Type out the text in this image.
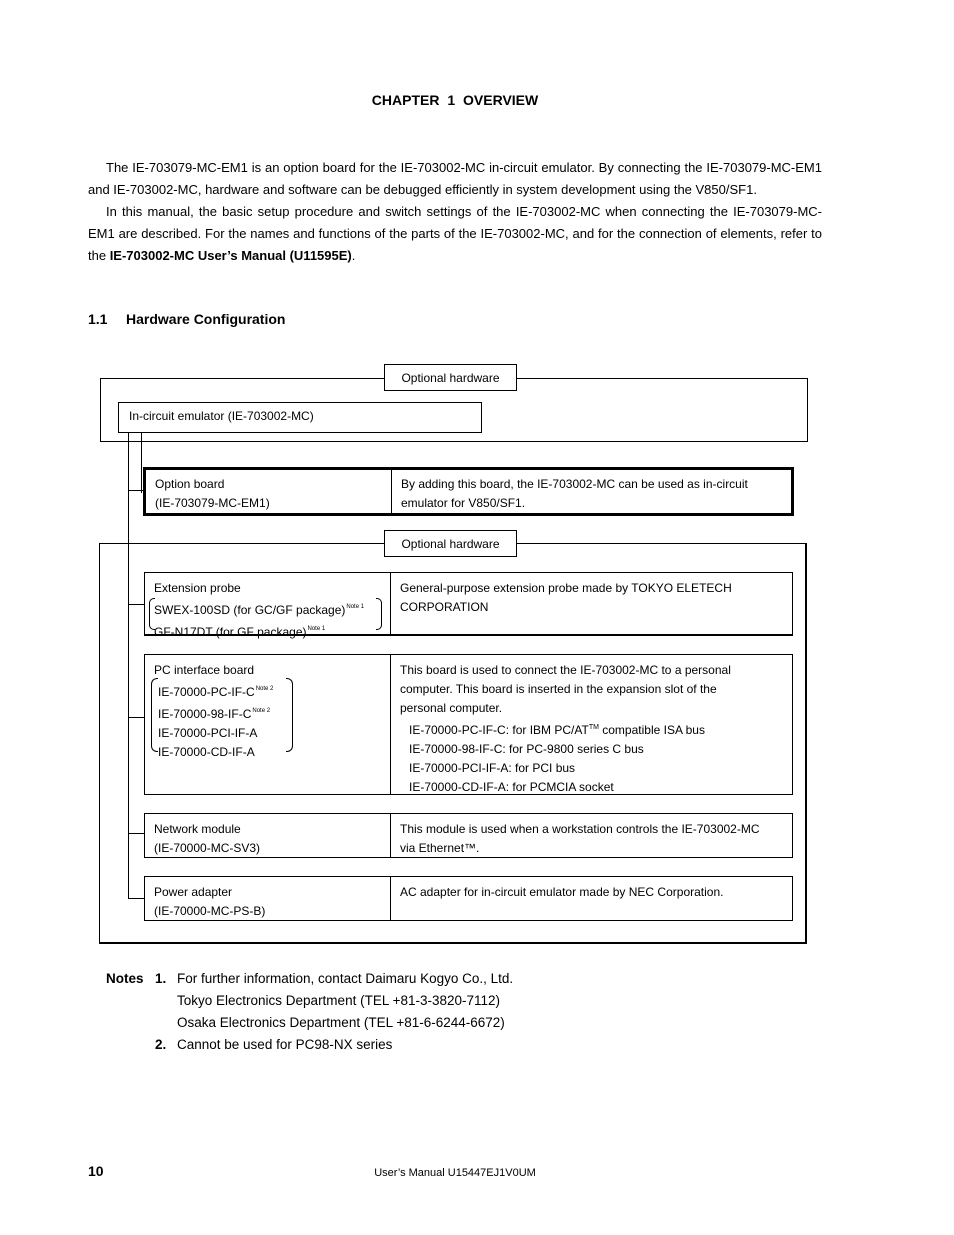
CHAPTER 1 OVERVIEW

The IE-703079-MC-EM1 is an option board for the IE-703002-MC in-circuit emulator. By connecting the IE-703079-MC-EM1 and IE-703002-MC, hardware and software can be debugged efficiently in system development using the V850/SF1.

In this manual, the basic setup procedure and switch settings of the IE-703002-MC when connecting the IE-703079-MC-EM1 are described. For the names and functions of the parts of the IE-703002-MC, and for the connection of elements, refer to the IE-703002-MC User’s Manual (U11595E).

1.1 Hardware Configuration
Optional hardware
In-circuit emulator (IE-703002-MC)
Optional hardware
Option board
(IE-703079-MC-EM1)
By adding this board, the IE-703002-MC can be used as in-circuit
emulator for V850/SF1.
Extension probe
SWEX-100SD (for GC/GF package)$^{Note 1}$
GF-N17DT (for GF package)$^{Note 1}$
General-purpose extension probe made by TOKYO ELETECH
CORPORATION
PC interface board
IE-70000-PC-IF-C$^{Note 2}$
IE-70000-98-IF-C$^{Note 2}$
IE-70000-PCI-IF-A
IE-70000-CD-IF-A
This board is used to connect the IE-703002-MC to a personal
computer. This board is inserted in the expansion slot of the
personal computer.
IE-70000-PC-IF-C: for IBM PC/AT™ compatible ISA bus
IE-70000-98-IF-C: for PC-9800 series C bus
IE-70000-PCI-IF-A: for PCI bus
IE-70000-CD-IF-A: for PCMCIA socket
Network module
(IE-70000-MC-SV3)
This module is used when a workstation controls the IE-703002-MC
via Ethernet™.
Power adapter
(IE-70000-MC-PS-B)
AC adapter for in-circuit emulator made by NEC Corporation.
Notes 1. For further information, contact Daimaru Kogyo Co., Ltd.
Tokyo Electronics Department (TEL +81-3-3820-7112)
Osaka Electronics Department (TEL +81-6-6244-6672)
2. Cannot be used for PC98-NX series
10	User’s Manual U15447EJ1V0UM
